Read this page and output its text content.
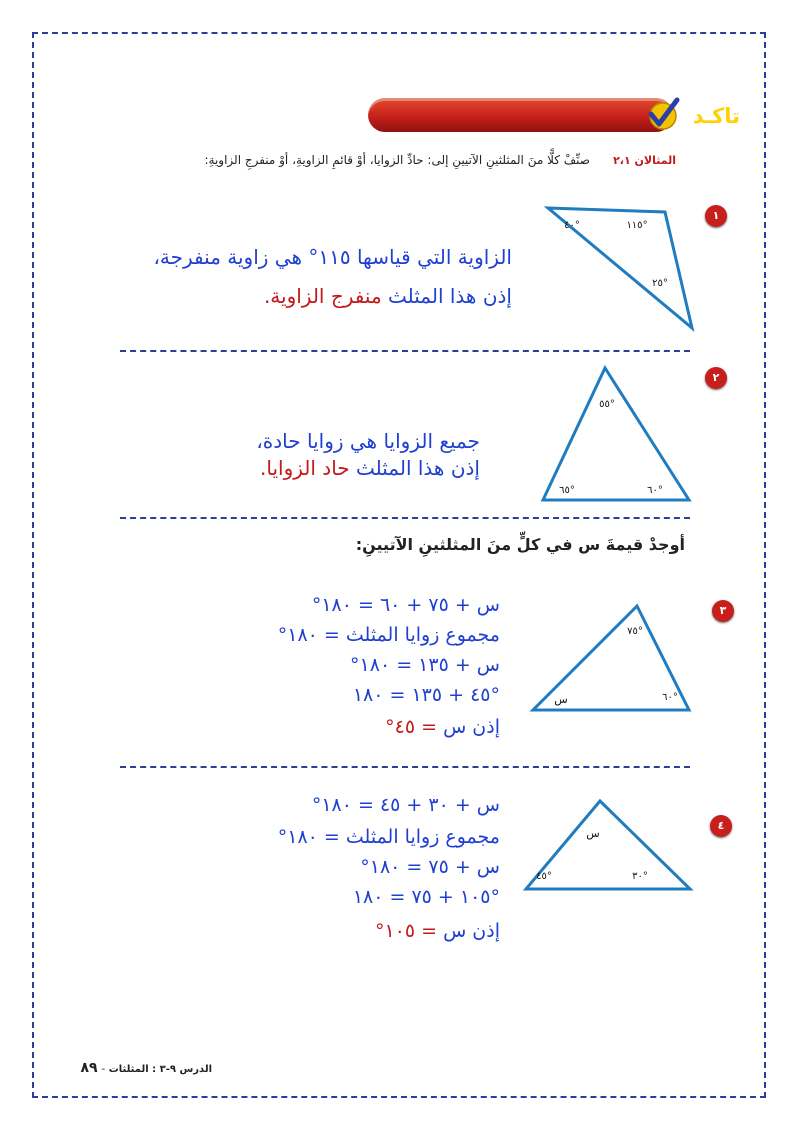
تاكـد
المثالان ٢،١
صنِّفْ كلًّا منَ المثلثينِ الآتيينِ إلى: حادِّ الزوايا، أوْ قائمِ الزاويةِ، أوْ منفرجِ الزاويةِ:
١
٤٠°	١١٥°
٢٥°
الزاوية التي قياسها ١١٥° هي زاوية منفرجة،
إذن هذا المثلث منفرج الزاوية.
٢
٥٥°
٦٥°	٦٠°
جميع الزوايا هي زوايا حادة،
إذن هذا المثلث حاد الزوايا.
أوجدْ قيمةَ س في كلٍّ منَ المثلثينِ الآتيينِ:
٣
٧٥°
س	٦٠°
س + ٧٥ + ٦٠ = ١٨٠°
مجموع زوايا المثلث = ١٨٠°
س + ١٣٥ = ١٨٠°
٤٥ + ١٣٥ = ١٨٠°
إذن س = ٤٥°
٤
س
٤٥°	٣٠°
س + ٣٠ + ٤٥ = ١٨٠°
مجموع زوايا المثلث = ١٨٠°
س + ٧٥ = ١٨٠°
١٠٥ + ٧٥ = ١٨٠°
إذن س = ١٠٥°
الدرس ٩-٣ : المثلثات - ٨٩
